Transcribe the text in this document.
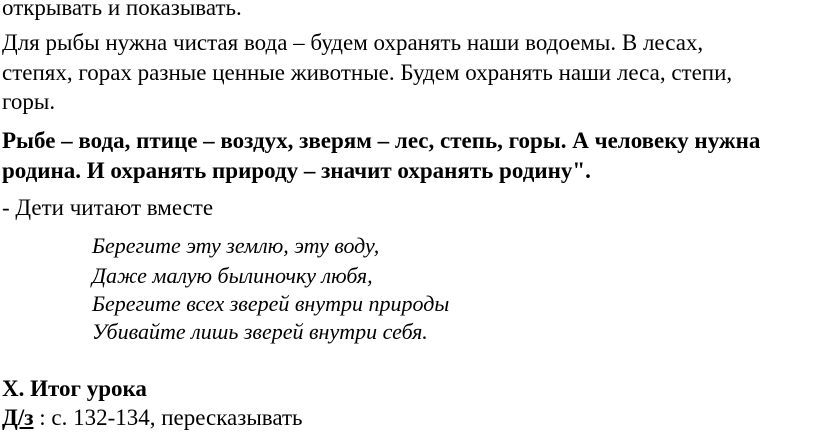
открывать и показывать.
Для рыбы нужна чистая вода – будем охранять наши водоемы. В лесах,
степях, горах разные ценные животные. Будем охранять наши леса, степи,
горы.
Рыбе – вода, птице – воздух, зверям – лес, степь, горы. А человеку нужна
родина. И охранять природу – значит охранять родину".
- Дети читают вместе
Берегите эту землю, эту воду,
Даже малую былиночку любя,
Берегите всех зверей внутри природы
Убивайте лишь зверей внутри себя.
X. Итог урока
Д/з : с. 132-134, пересказывать
